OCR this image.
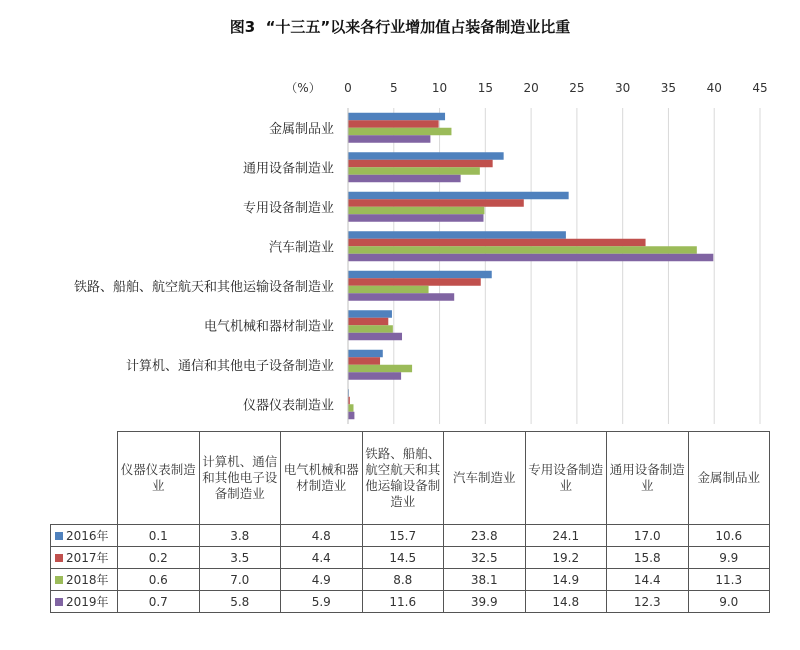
图3  “十三五”以来各行业增加值占装备制造业比重
（%） 0	5	10	15	20	25	30	35	40	45
金属制品业
通用设备制造业
专用设备制造业
汽车制造业
铁路、船舶、航空航天和其他运输设备制造业
电气机械和器材制造业
计算机、通信和其他电子设备制造业
仪器仪表制造业
	仪器仪表制造业	计算机、通信和其他电子设备制造业	电气机械和器材制造业	铁路、船舶、航空航天和其他运输设备制造业	汽车制造业	专用设备制造业	通用设备制造业	金属制品业
2016年	0.1	3.8	4.8	15.7	23.8	24.1	17.0	10.6
2017年	0.2	3.5	4.4	14.5	32.5	19.2	15.8	9.9
2018年	0.6	7.0	4.9	8.8	38.1	14.9	14.4	11.3
2019年	0.7	5.8	5.9	11.6	39.9	14.8	12.3	9.0
